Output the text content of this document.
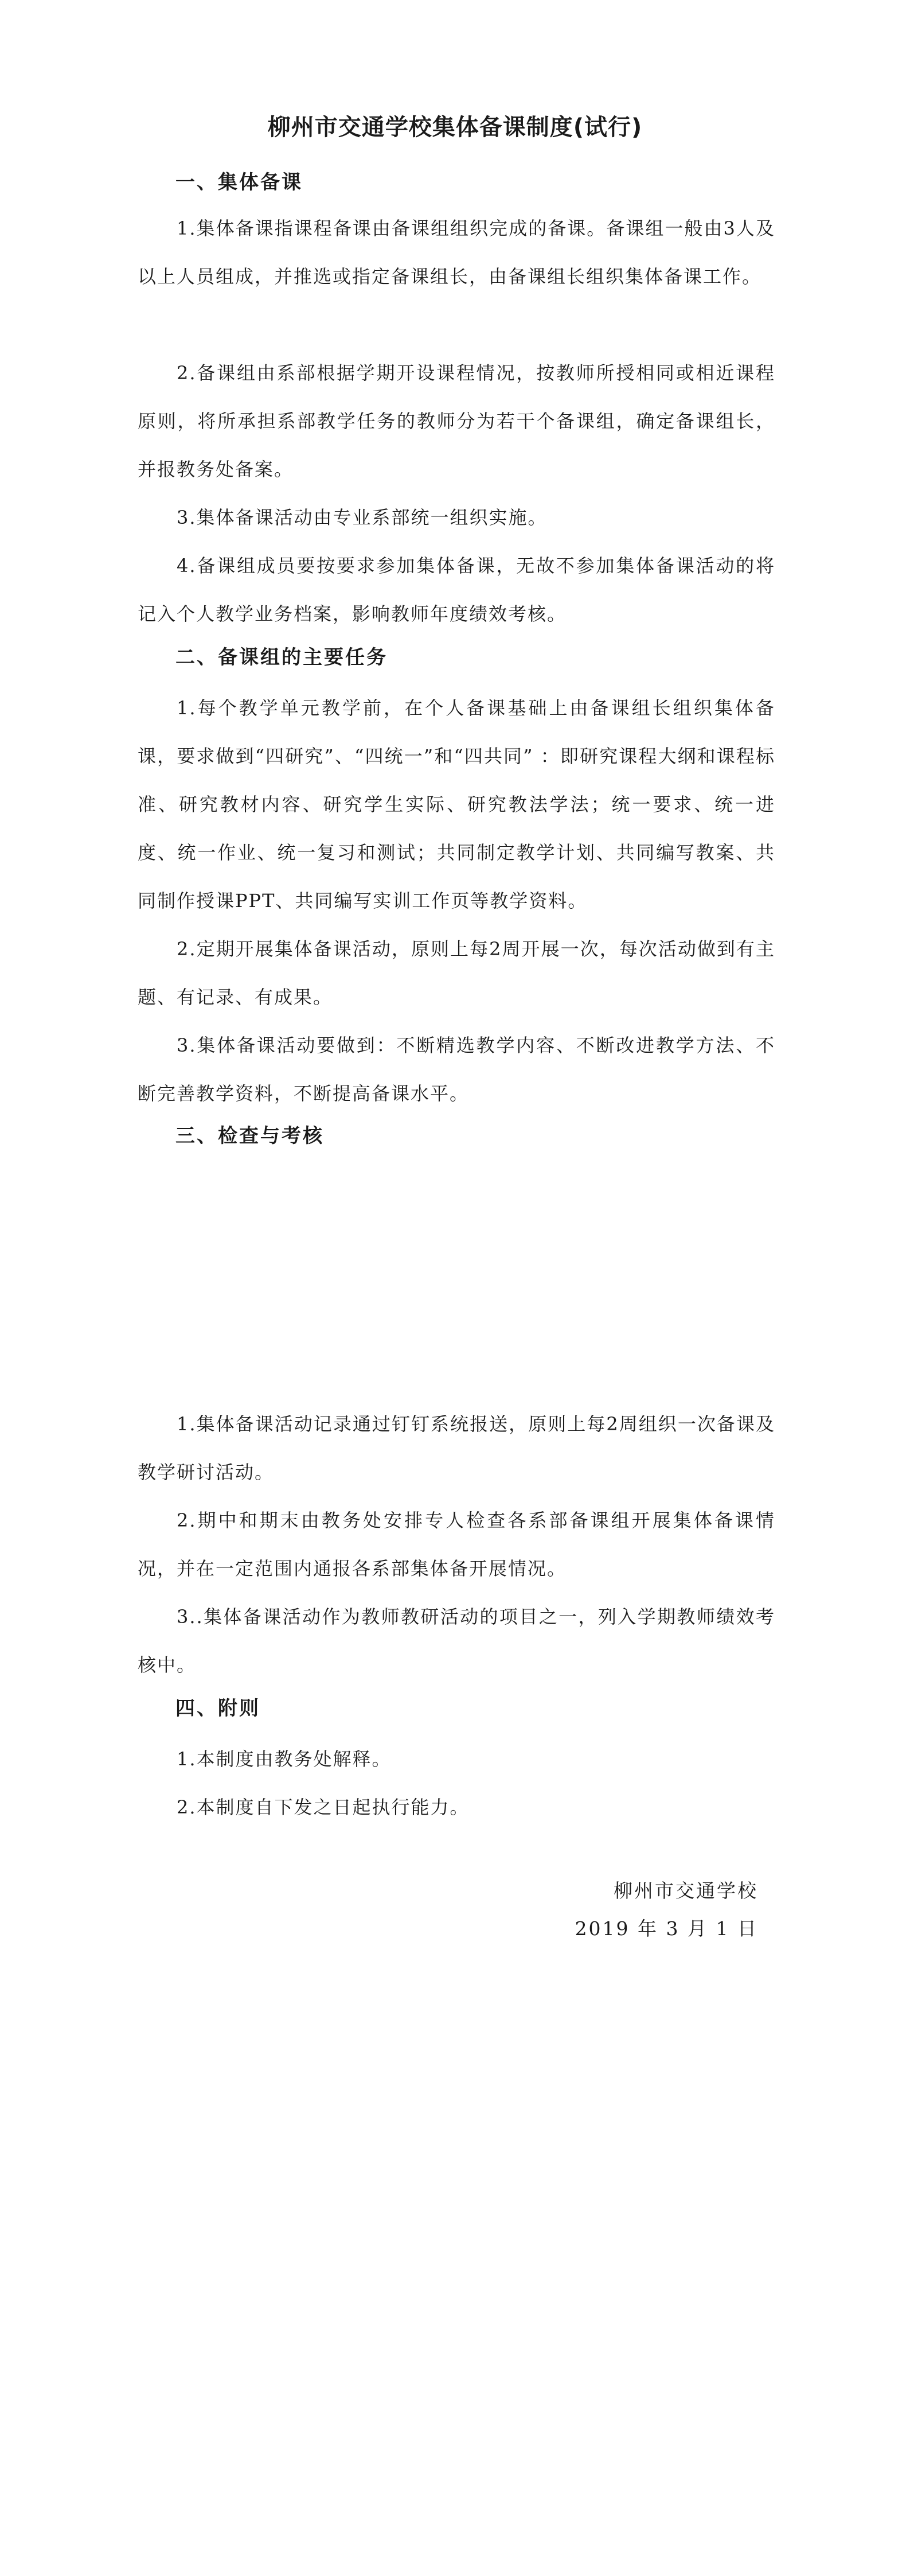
柳州市交通学校集体备课制度(试行)
一、集体备课

1.集体备课指课程备课由备课组组织完成的备课。备课组一般由3人及以上人员组成，并推选或指定备课组长，由备课组长组织集体备课工作。

2.备课组由系部根据学期开设课程情况，按教师所授相同或相近课程原则，将所承担系部教学任务的教师分为若干个备课组，确定备课组长，并报教务处备案。

3.集体备课活动由专业系部统一组织实施。

4.备课组成员要按要求参加集体备课，无故不参加集体备课活动的将记入个人教学业务档案，影响教师年度绩效考核。

二、备课组的主要任务

1.每个教学单元教学前，在个人备课基础上由备课组长组织集体备课，要求做到“四研究”、“四统一”和“四共同” ：即研究课程大纲和课程标准、研究教材内容、研究学生实际、研究教法学法；统一要求、统一进度、统一作业、统一复习和测试；共同制定教学计划、共同编写教案、共同制作授课PPT、共同编写实训工作页等教学资料。

2.定期开展集体备课活动，原则上每2周开展一次，每次活动做到有主题、有记录、有成果。

3.集体备课活动要做到：不断精选教学内容、不断改进教学方法、不断完善教学资料，不断提高备课水平。

三、检查与考核

1.集体备课活动记录通过钉钉系统报送，原则上每2周组织一次备课及教学研讨活动。

2.期中和期末由教务处安排专人检查各系部备课组开展集体备课情况，并在一定范围内通报各系部集体备开展情况。

3..集体备课活动作为教师教研活动的项目之一，列入学期教师绩效考核中。

四、附则

1.本制度由教务处解释。

2.本制度自下发之日起执行能力。

柳州市交通学校
2019 年 3 月 1 日
